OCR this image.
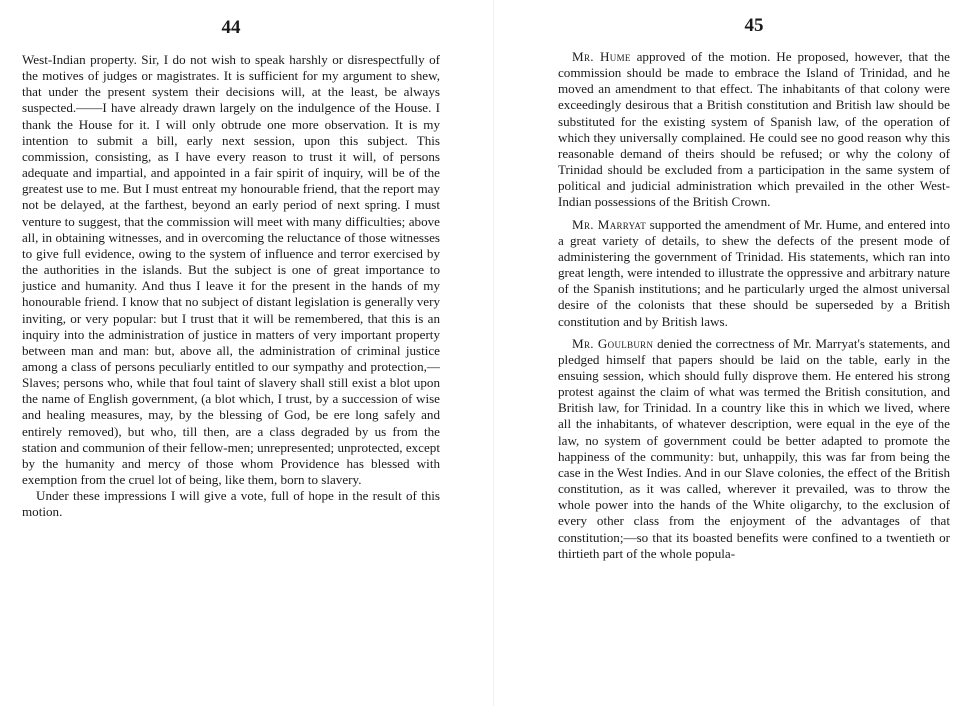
44

West-Indian property. Sir, I do not wish to speak harshly or disrespectfully of the motives of judges or magistrates. It is sufficient for my argument to shew, that under the present system their decisions will, at the least, be always suspected.——I have already drawn largely on the indulgence of the House. I thank the House for it. I will only obtrude one more observation. It is my intention to submit a bill, early next session, upon this subject. This commission, consisting, as I have every reason to trust it will, of persons adequate and impartial, and appointed in a fair spirit of inquiry, will be of the greatest use to me. But I must entreat my honourable friend, that the report may not be delayed, at the farthest, beyond an early period of next spring. I must venture to suggest, that the commission will meet with many difficulties; above all, in obtaining witnesses, and in overcoming the reluctance of those witnesses to give full evidence, owing to the system of influence and terror exercised by the authorities in the islands. But the subject is one of great importance to justice and humanity. And thus I leave it for the present in the hands of my honourable friend. I know that no subject of distant legislation is generally very inviting, or very popular: but I trust that it will be remembered, that this is an inquiry into the administration of justice in matters of very important property between man and man: but, above all, the administration of criminal justice among a class of persons peculiarly entitled to our sympathy and protection,—Slaves; persons who, while that foul taint of slavery shall still exist a blot upon the name of English government, (a blot which, I trust, by a succession of wise and healing measures, may, by the blessing of God, be ere long safely and entirely removed), but who, till then, are a class degraded by us from the station and communion of their fellow-men; unrepresented; unprotected, except by the humanity and mercy of those whom Providence has blessed with exemption from the cruel lot of being, like them, born to slavery.

Under these impressions I will give a vote, full of hope in the result of this motion.

45

Mr. Hume approved of the motion. He proposed, however, that the commission should be made to embrace the Island of Trinidad, and he moved an amendment to that effect. The inhabitants of that colony were exceedingly desirous that a British constitution and British law should be substituted for the existing system of Spanish law, of the operation of which they universally complained. He could see no good reason why this reasonable demand of theirs should be refused; or why the colony of Trinidad should be excluded from a participation in the same system of political and judicial administration which prevailed in the other West-Indian possessions of the British Crown.

Mr. Marryat supported the amendment of Mr. Hume, and entered into a great variety of details, to shew the defects of the present mode of administering the government of Trinidad. His statements, which ran into great length, were intended to illustrate the oppressive and arbitrary nature of the Spanish institutions; and he particularly urged the almost universal desire of the colonists that these should be superseded by a British constitution and by British laws.

Mr. Goulburn denied the correctness of Mr. Marryat's statements, and pledged himself that papers should be laid on the table, early in the ensuing session, which should fully disprove them. He entered his strong protest against the claim of what was termed the British consitution, and British law, for Trinidad. In a country like this in which we lived, where all the inhabitants, of whatever description, were equal in the eye of the law, no system of government could be better adapted to promote the happiness of the community: but, unhappily, this was far from being the case in the West Indies. And in our Slave colonies, the effect of the British constitution, as it was called, wherever it prevailed, was to throw the whole power into the hands of the White oligarchy, to the exclusion of every other class from the enjoyment of the advantages of that constitution;—so that its boasted benefits were confined to a twentieth or thirtieth part of the whole popula-
